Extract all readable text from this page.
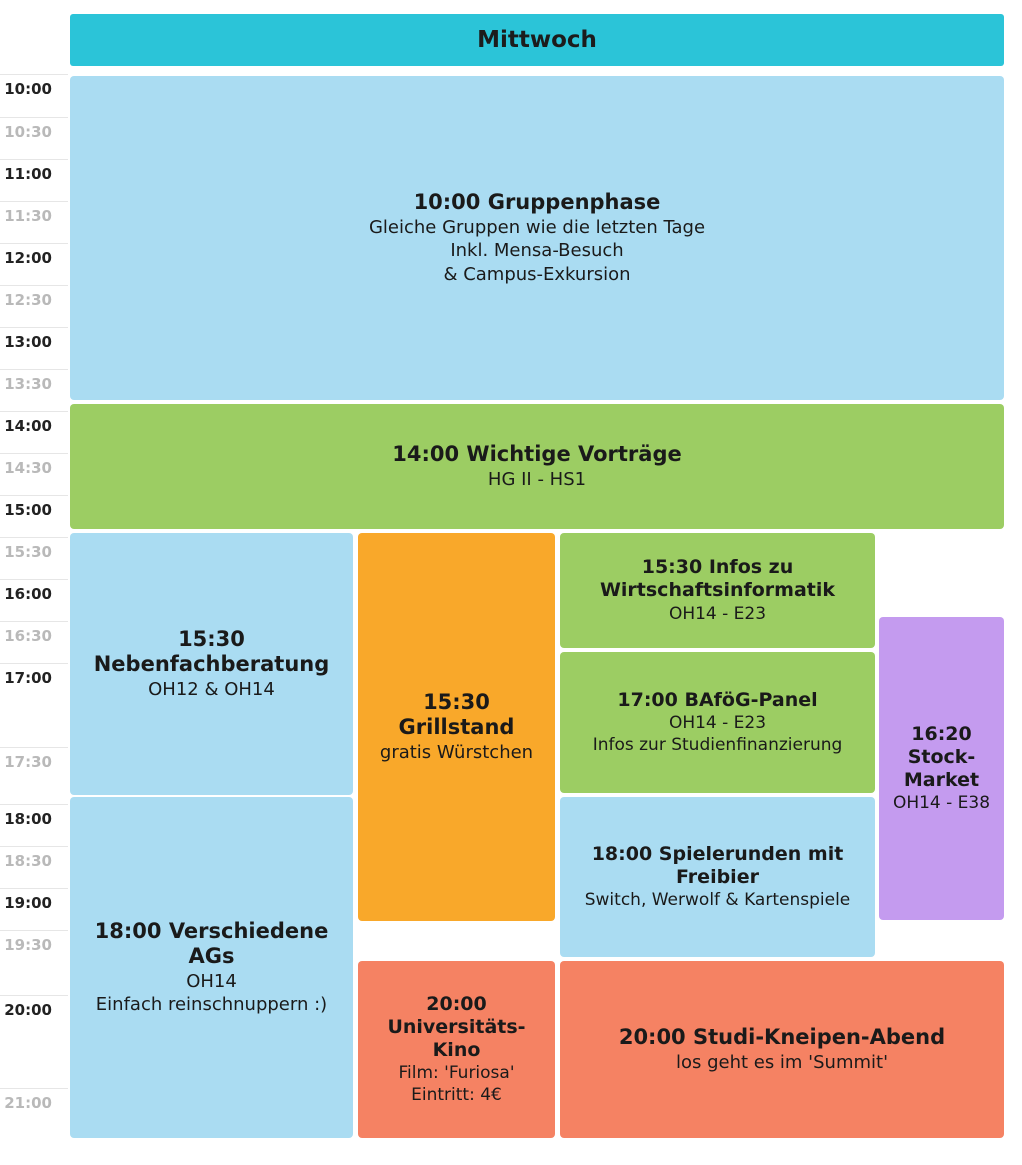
10:00
10:30
11:00
11:30
12:00
12:30
13:00
13:30
14:00
14:30
15:00
15:30
16:00
16:30
17:00
17:30
18:00
18:30
19:00
19:30
20:00
21:00
Mittwoch
10:00 Gruppenphase
Gleiche Gruppen wie die letzten Tage
Inkl. Mensa-Besuch
& Campus-Exkursion
14:00 Wichtige Vorträge
HG II - HS1
15:30 Nebenfachberatung
OH12 & OH14
15:30 Grillstand
gratis Würstchen
15:30 Infos zu Wirtschaftsinformatik
OH14 - E23
17:00 BAföG-Panel
OH14 - E23
Infos zur Studienfinanzierung
16:20 Stock-Market
OH14 - E38
18:00 Verschiedene AGs
OH14
Einfach reinschnuppern :)
18:00 Spielerunden mit Freibier
Switch, Werwolf & Kartenspiele
20:00 Universitäts-Kino
Film: 'Furiosa'
Eintritt: 4€
20:00 Studi-Kneipen-Abend
los geht es im 'Summit'
